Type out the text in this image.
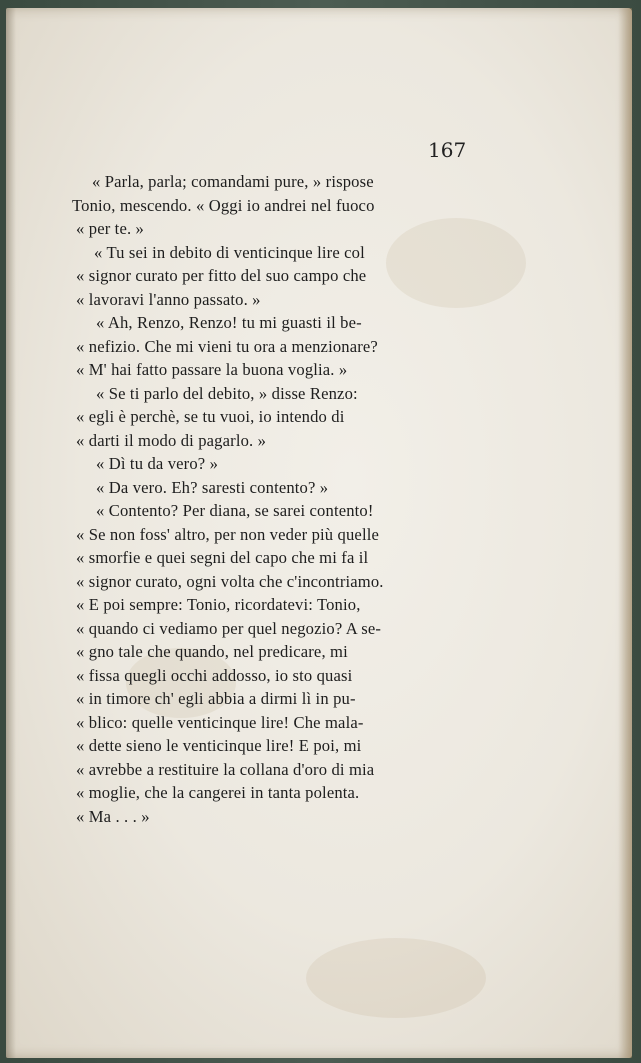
167
« Parla, parla; comandami pure, » rispose
Tonio, mescendo. « Oggi io andrei nel fuoco
« per te. »
« Tu sei in debito di venticinque lire col
« signor curato per fitto del suo campo che
« lavoravi l'anno passato. »
« Ah, Renzo, Renzo! tu mi guasti il be-
« nefizio. Che mi vieni tu ora a menzionare?
« M' hai fatto passare la buona voglia. »
« Se ti parlo del debito, » disse Renzo:
« egli è perchè, se tu vuoi, io intendo di
« darti il modo di pagarlo. »
« Dì tu da vero? »
« Da vero. Eh? saresti contento? »
« Contento? Per diana, se sarei contento!
« Se non foss' altro, per non veder più quelle
« smorfie e quei segni del capo che mi fa il
« signor curato, ogni volta che c'incontriamo.
« E poi sempre: Tonio, ricordatevi: Tonio,
« quando ci vediamo per quel negozio? A se-
« gno tale che quando, nel predicare, mi
« fissa quegli occhi addosso, io sto quasi
« in timore ch' egli abbia a dirmi lì in pu-
« blico: quelle venticinque lire! Che mala-
« dette sieno le venticinque lire! E poi, mi
« avrebbe a restituire la collana d'oro di mia
« moglie, che la cangerei in tanta polenta.
« Ma . . . »
